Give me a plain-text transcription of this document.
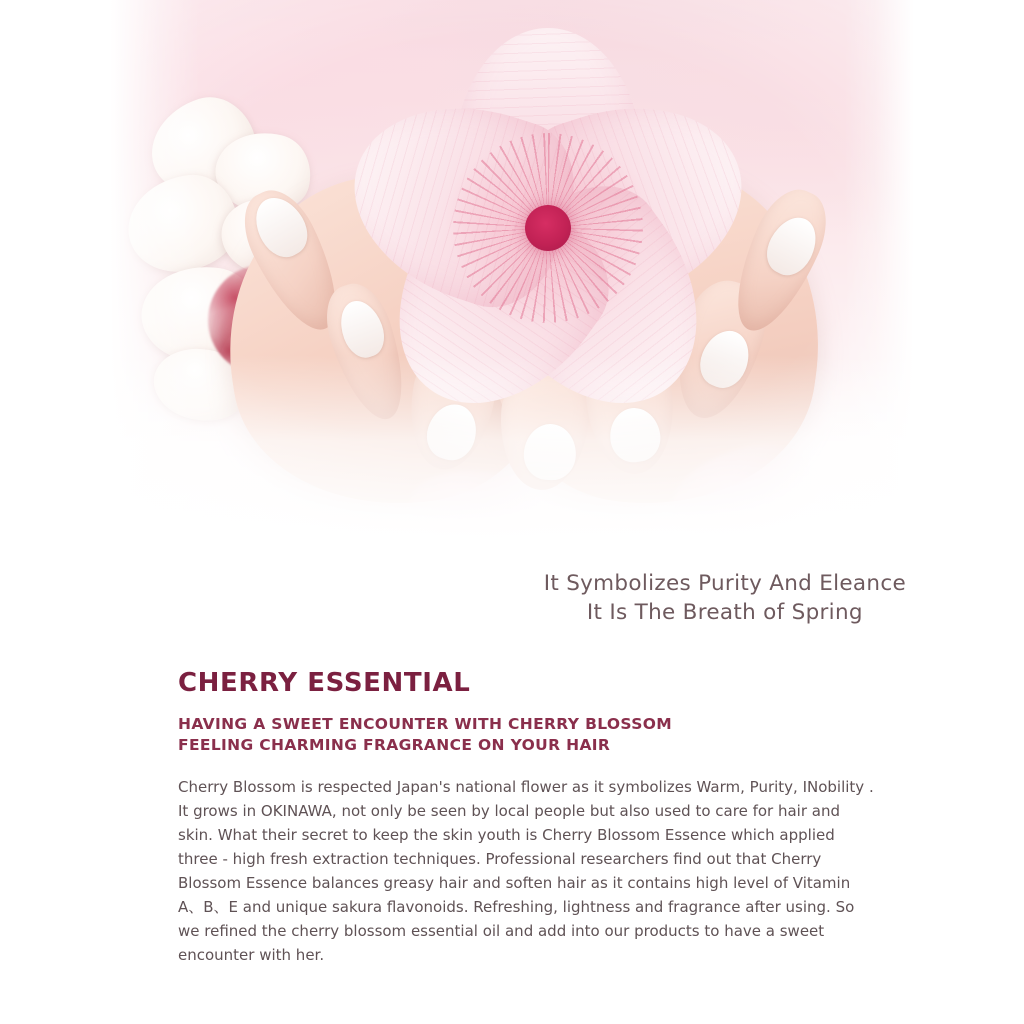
It Symbolizes Purity And Eleance
It Is The Breath of Spring
CHERRY ESSENTIAL
HAVING A SWEET ENCOUNTER WITH CHERRY BLOSSOM
FEELING CHARMING FRAGRANCE ON YOUR HAIR

Cherry Blossom is respected Japan's national flower as it symbolizes Warm, Purity, INobility . It grows in OKINAWA, not only be seen by local people but also used to care for hair and skin. What their secret to keep the skin youth is Cherry Blossom Essence which applied three - high fresh extraction techniques. Professional researchers find out that Cherry Blossom Essence balances greasy hair and soften hair as it contains high level of Vitamin A、B、E and unique sakura flavonoids. Refreshing, lightness and fragrance after using. So we refined the cherry blossom essential oil and add into our products to have a sweet encounter with her.
